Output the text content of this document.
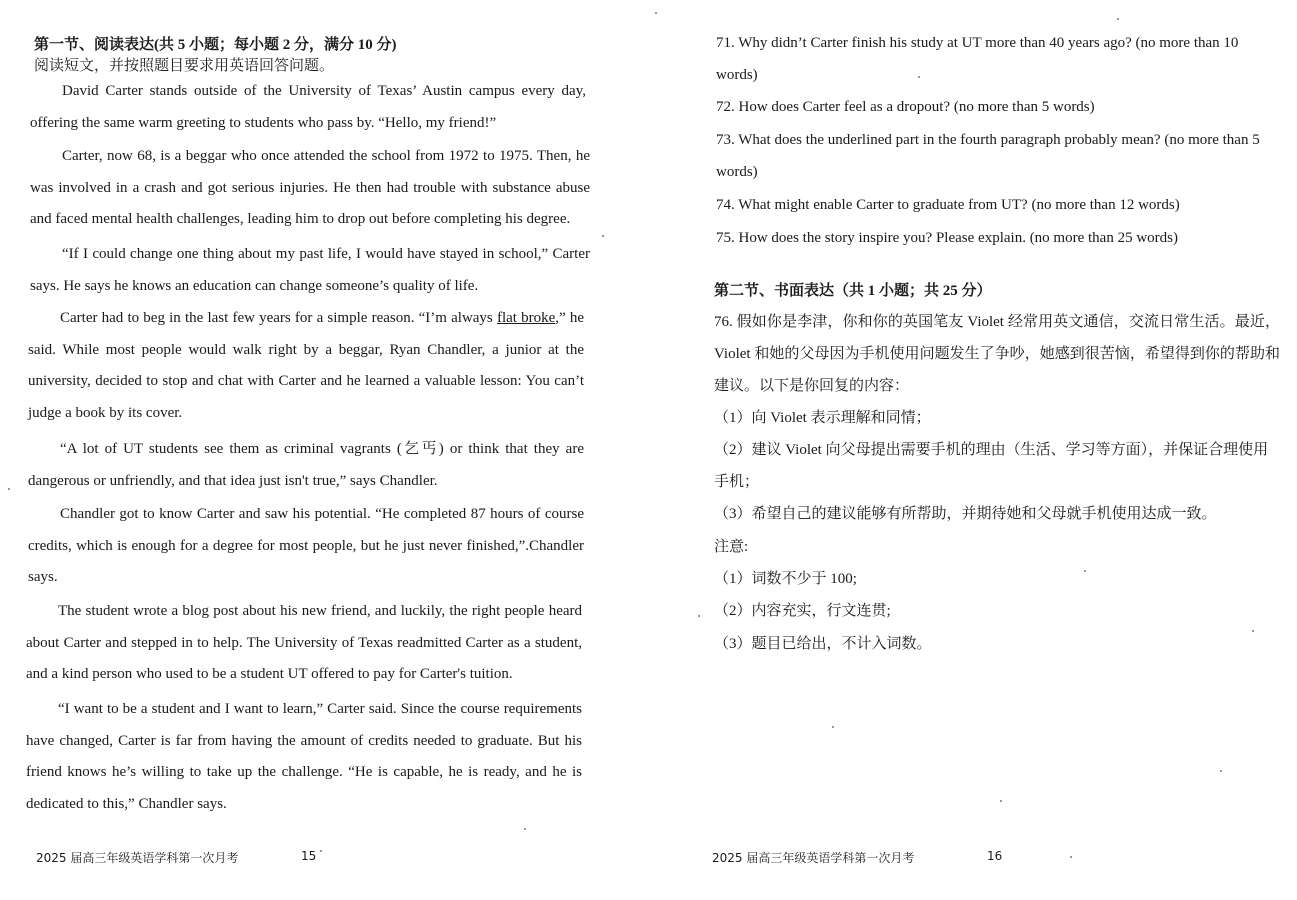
第一节、阅读表达(共 5 小题；每小题 2 分，满分 10 分)
阅读短文，并按照题目要求用英语回答问题。
David Carter stands outside of the University of Texas’ Austin campus every day, offering the same warm greeting to students who pass by. “Hello, my friend!”
Carter, now 68, is a beggar who once attended the school from 1972 to 1975. Then, he was involved in a crash and got serious injuries. He then had trouble with substance abuse and faced mental health challenges, leading him to drop out before completing his degree.
“If I could change one thing about my past life, I would have stayed in school,” Carter says. He says he knows an education can change someone’s quality of life.
Carter had to beg in the last few years for a simple reason. “I’m always flat broke,” he said. While most people would walk right by a beggar, Ryan Chandler, a junior at the university, decided to stop and chat with Carter and he learned a valuable lesson: You can’t judge a book by its cover.
“A lot of UT students see them as criminal vagrants (乞丐) or think that they are dangerous or unfriendly, and that idea just isn't true,” says Chandler.
Chandler got to know Carter and saw his potential. “He completed 87 hours of course credits, which is enough for a degree for most people, but he just never finished,”.Chandler says.
The student wrote a blog post about his new friend, and luckily, the right people heard about Carter and stepped in to help. The University of Texas readmitted Carter as a student, and a kind person who used to be a student UT offered to pay for Carter's tuition.
“I want to be a student and I want to learn,” Carter said. Since the course requirements have changed, Carter is far from having the amount of credits needed to graduate. But his friend knows he’s willing to take up the challenge. “He is capable, he is ready, and he is dedicated to this,” Chandler says.
2025 届高三年级英语学科第一次月考	15
71. Why didn’t Carter finish his study at UT more than 40 years ago? (no more than 10 words)
72. How does Carter feel as a dropout? (no more than 5 words)
73. What does the underlined part in the fourth paragraph probably mean? (no more than 5 words)
74. What might enable Carter to graduate from UT? (no more than 12 words)
75. How does the story inspire you? Please explain. (no more than 25 words)
第二节、书面表达（共 1 小题；共 25 分）
76. 假如你是李津，你和你的英国笔友 Violet 经常用英文通信，交流日常生活。最近，Violet 和她的父母因为手机使用问题发生了争吵，她感到很苦恼，希望得到你的帮助和建议。以下是你回复的内容：
（1）向 Violet 表示理解和同情；
（2）建议 Violet 向父母提出需要手机的理由（生活、学习等方面），并保证合理使用手机；
（3）希望自己的建议能够有所帮助，并期待她和父母就手机使用达成一致。
注意:
（1）词数不少于 100;
（2）内容充实，行文连贯;
（3）题目已给出，不计入词数。
2025 届高三年级英语学科第一次月考	16
